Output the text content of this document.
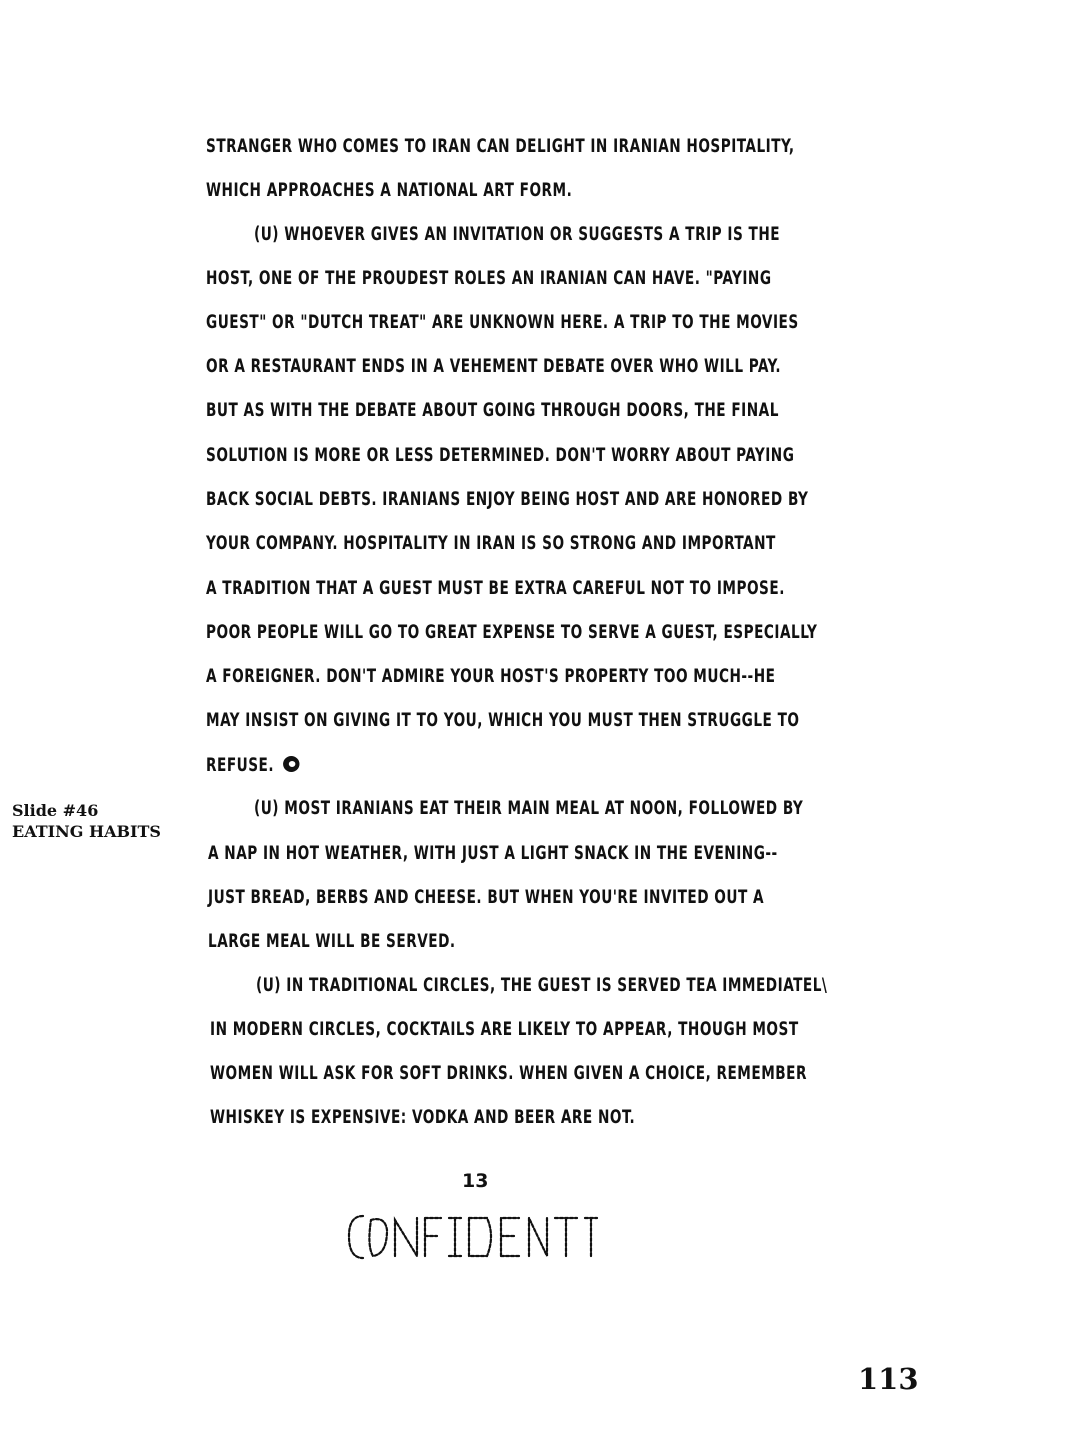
STRANGER WHO COMES TO IRAN CAN DELIGHT IN IRANIAN HOSPITALITY,
WHICH APPROACHES A NATIONAL ART FORM.
(U) WHOEVER GIVES AN INVITATION OR SUGGESTS A TRIP IS THE
HOST, ONE OF THE PROUDEST ROLES AN IRANIAN CAN HAVE. "PAYING
GUEST" OR "DUTCH TREAT" ARE UNKNOWN HERE. A TRIP TO THE MOVIES
OR A RESTAURANT ENDS IN A VEHEMENT DEBATE OVER WHO WILL PAY.
BUT AS WITH THE DEBATE ABOUT GOING THROUGH DOORS, THE FINAL
SOLUTION IS MORE OR LESS DETERMINED. DON'T WORRY ABOUT PAYING
BACK SOCIAL DEBTS. IRANIANS ENJOY BEING HOST AND ARE HONORED BY
YOUR COMPANY. HOSPITALITY IN IRAN IS SO STRONG AND IMPORTANT
A TRADITION THAT A GUEST MUST BE EXTRA CAREFUL NOT TO IMPOSE.
POOR PEOPLE WILL GO TO GREAT EXPENSE TO SERVE A GUEST, ESPECIALLY
A FOREIGNER. DON'T ADMIRE YOUR HOST'S PROPERTY TOO MUCH--HE
MAY INSIST ON GIVING IT TO YOU, WHICH YOU MUST THEN STRUGGLE TO
REFUSE.
Slide #46
EATING HABITS
(U) MOST IRANIANS EAT THEIR MAIN MEAL AT NOON, FOLLOWED BY
A NAP IN HOT WEATHER, WITH JUST A LIGHT SNACK IN THE EVENING--
JUST BREAD, BERBS AND CHEESE. BUT WHEN YOU'RE INVITED OUT A
LARGE MEAL WILL BE SERVED.
(U) IN TRADITIONAL CIRCLES, THE GUEST IS SERVED TEA IMMEDIATEL\
IN MODERN CIRCLES, COCKTAILS ARE LIKELY TO APPEAR, THOUGH MOST
WOMEN WILL ASK FOR SOFT DRINKS. WHEN GIVEN A CHOICE, REMEMBER
WHISKEY IS EXPENSIVE: VODKA AND BEER ARE NOT.
13
113
